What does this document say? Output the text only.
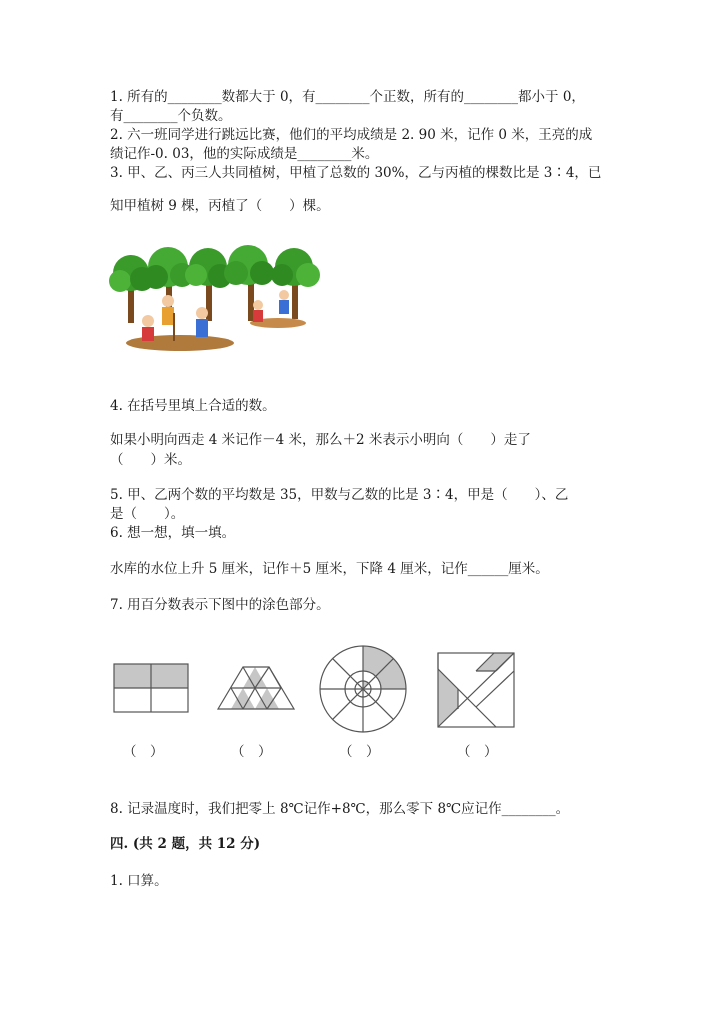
1. 所有的________数都大于 0，有________个正数，所有的________都小于 0，
有________个负数。
2. 六一班同学进行跳远比赛，他们的平均成绩是 2. 90 米，记作 0 米，王亮的成
绩记作-0. 03，他的实际成绩是________米。
3. 甲、乙、丙三人共同植树，甲植了总数的 30%，乙与丙植的棵数比是 3∶4，已
知甲植树 9 棵，丙植了（　　）棵。
4. 在括号里填上合适的数。
如果小明向西走 4 米记作－4 米，那么＋2 米表示小明向（　　）走了
（　　）米。
5. 甲、乙两个数的平均数是 35，甲数与乙数的比是 3∶4，甲是（　　）、乙
是（　　）。
6. 想一想，填一填。
水库的水位上升 5 厘米，记作＋5 厘米，下降 4 厘米，记作______厘米。
7. 用百分数表示下图中的涂色部分。
（　）	（　）	（　）	（　）
8. 记录温度时，我们把零上 8℃记作+8℃，那么零下 8℃应记作________。
四. (共 2 题，共 12 分)
1. 口算。
